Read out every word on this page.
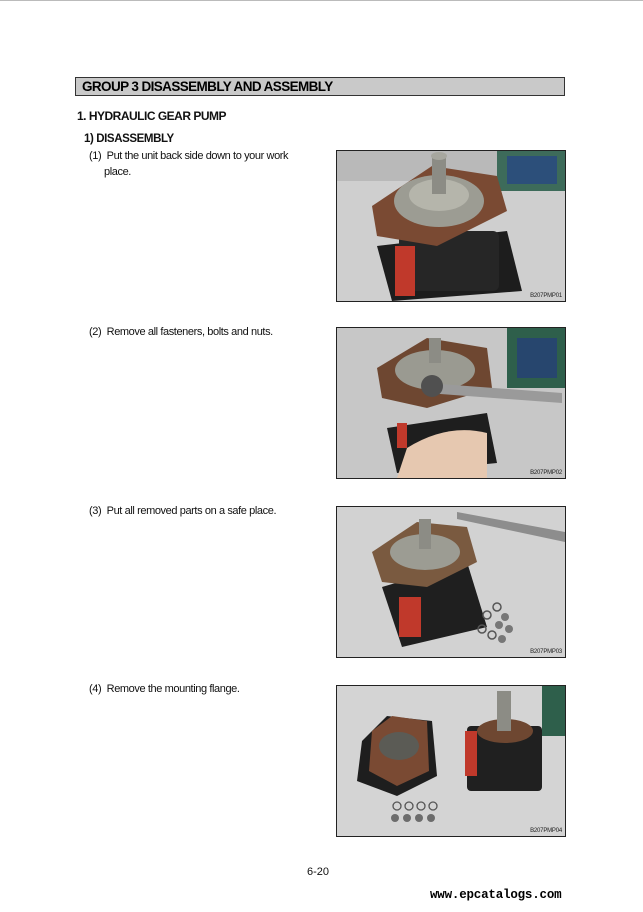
GROUP 3 DISASSEMBLY AND ASSEMBLY
1. HYDRAULIC GEAR PUMP
1) DISASSEMBLY
(1) Put the unit back side down to your work
place.
B207PMP01
(2) Remove all fasteners, bolts and nuts.
B207PMP02
(3) Put all removed parts on a safe place.
B207PMP03
(4) Remove the mounting flange.
B207PMP04
6-20
www.epcatalogs.com
